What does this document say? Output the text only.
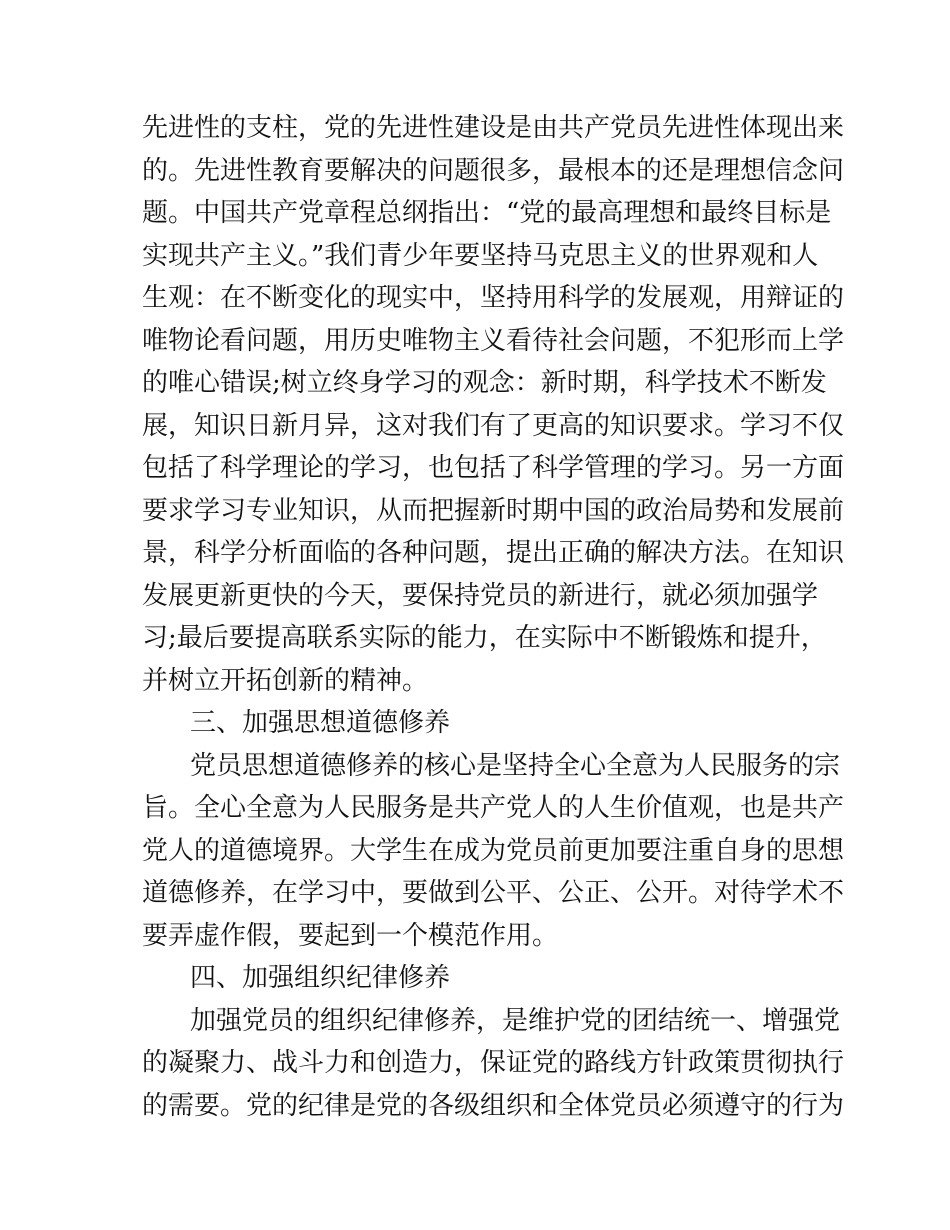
先进性的支柱，党的先进性建设是由共产党员先进性体现出来
的。先进性教育要解决的问题很多，最根本的还是理想信念问
题。中国共产党章程总纲指出：“党的最高理想和最终目标是
实现共产主义。”我们青少年要坚持马克思主义的世界观和人
生观：在不断变化的现实中，坚持用科学的发展观，用辩证的
唯物论看问题，用历史唯物主义看待社会问题，不犯形而上学
的唯心错误;树立终身学习的观念：新时期，科学技术不断发
展，知识日新月异，这对我们有了更高的知识要求。学习不仅
包括了科学理论的学习，也包括了科学管理的学习。另一方面
要求学习专业知识，从而把握新时期中国的政治局势和发展前
景，科学分析面临的各种问题，提出正确的解决方法。在知识
发展更新更快的今天，要保持党员的新进行，就必须加强学
习;最后要提高联系实际的能力，在实际中不断锻炼和提升，
并树立开拓创新的精神。
三、加强思想道德修养
党员思想道德修养的核心是坚持全心全意为人民服务的宗
旨。全心全意为人民服务是共产党人的人生价值观，也是共产
党人的道德境界。大学生在成为党员前更加要注重自身的思想
道德修养，在学习中，要做到公平、公正、公开。对待学术不
要弄虚作假，要起到一个模范作用。
四、加强组织纪律修养
加强党员的组织纪律修养，是维护党的团结统一、增强党
的凝聚力、战斗力和创造力，保证党的路线方针政策贯彻执行
的需要。党的纪律是党的各级组织和全体党员必须遵守的行为
